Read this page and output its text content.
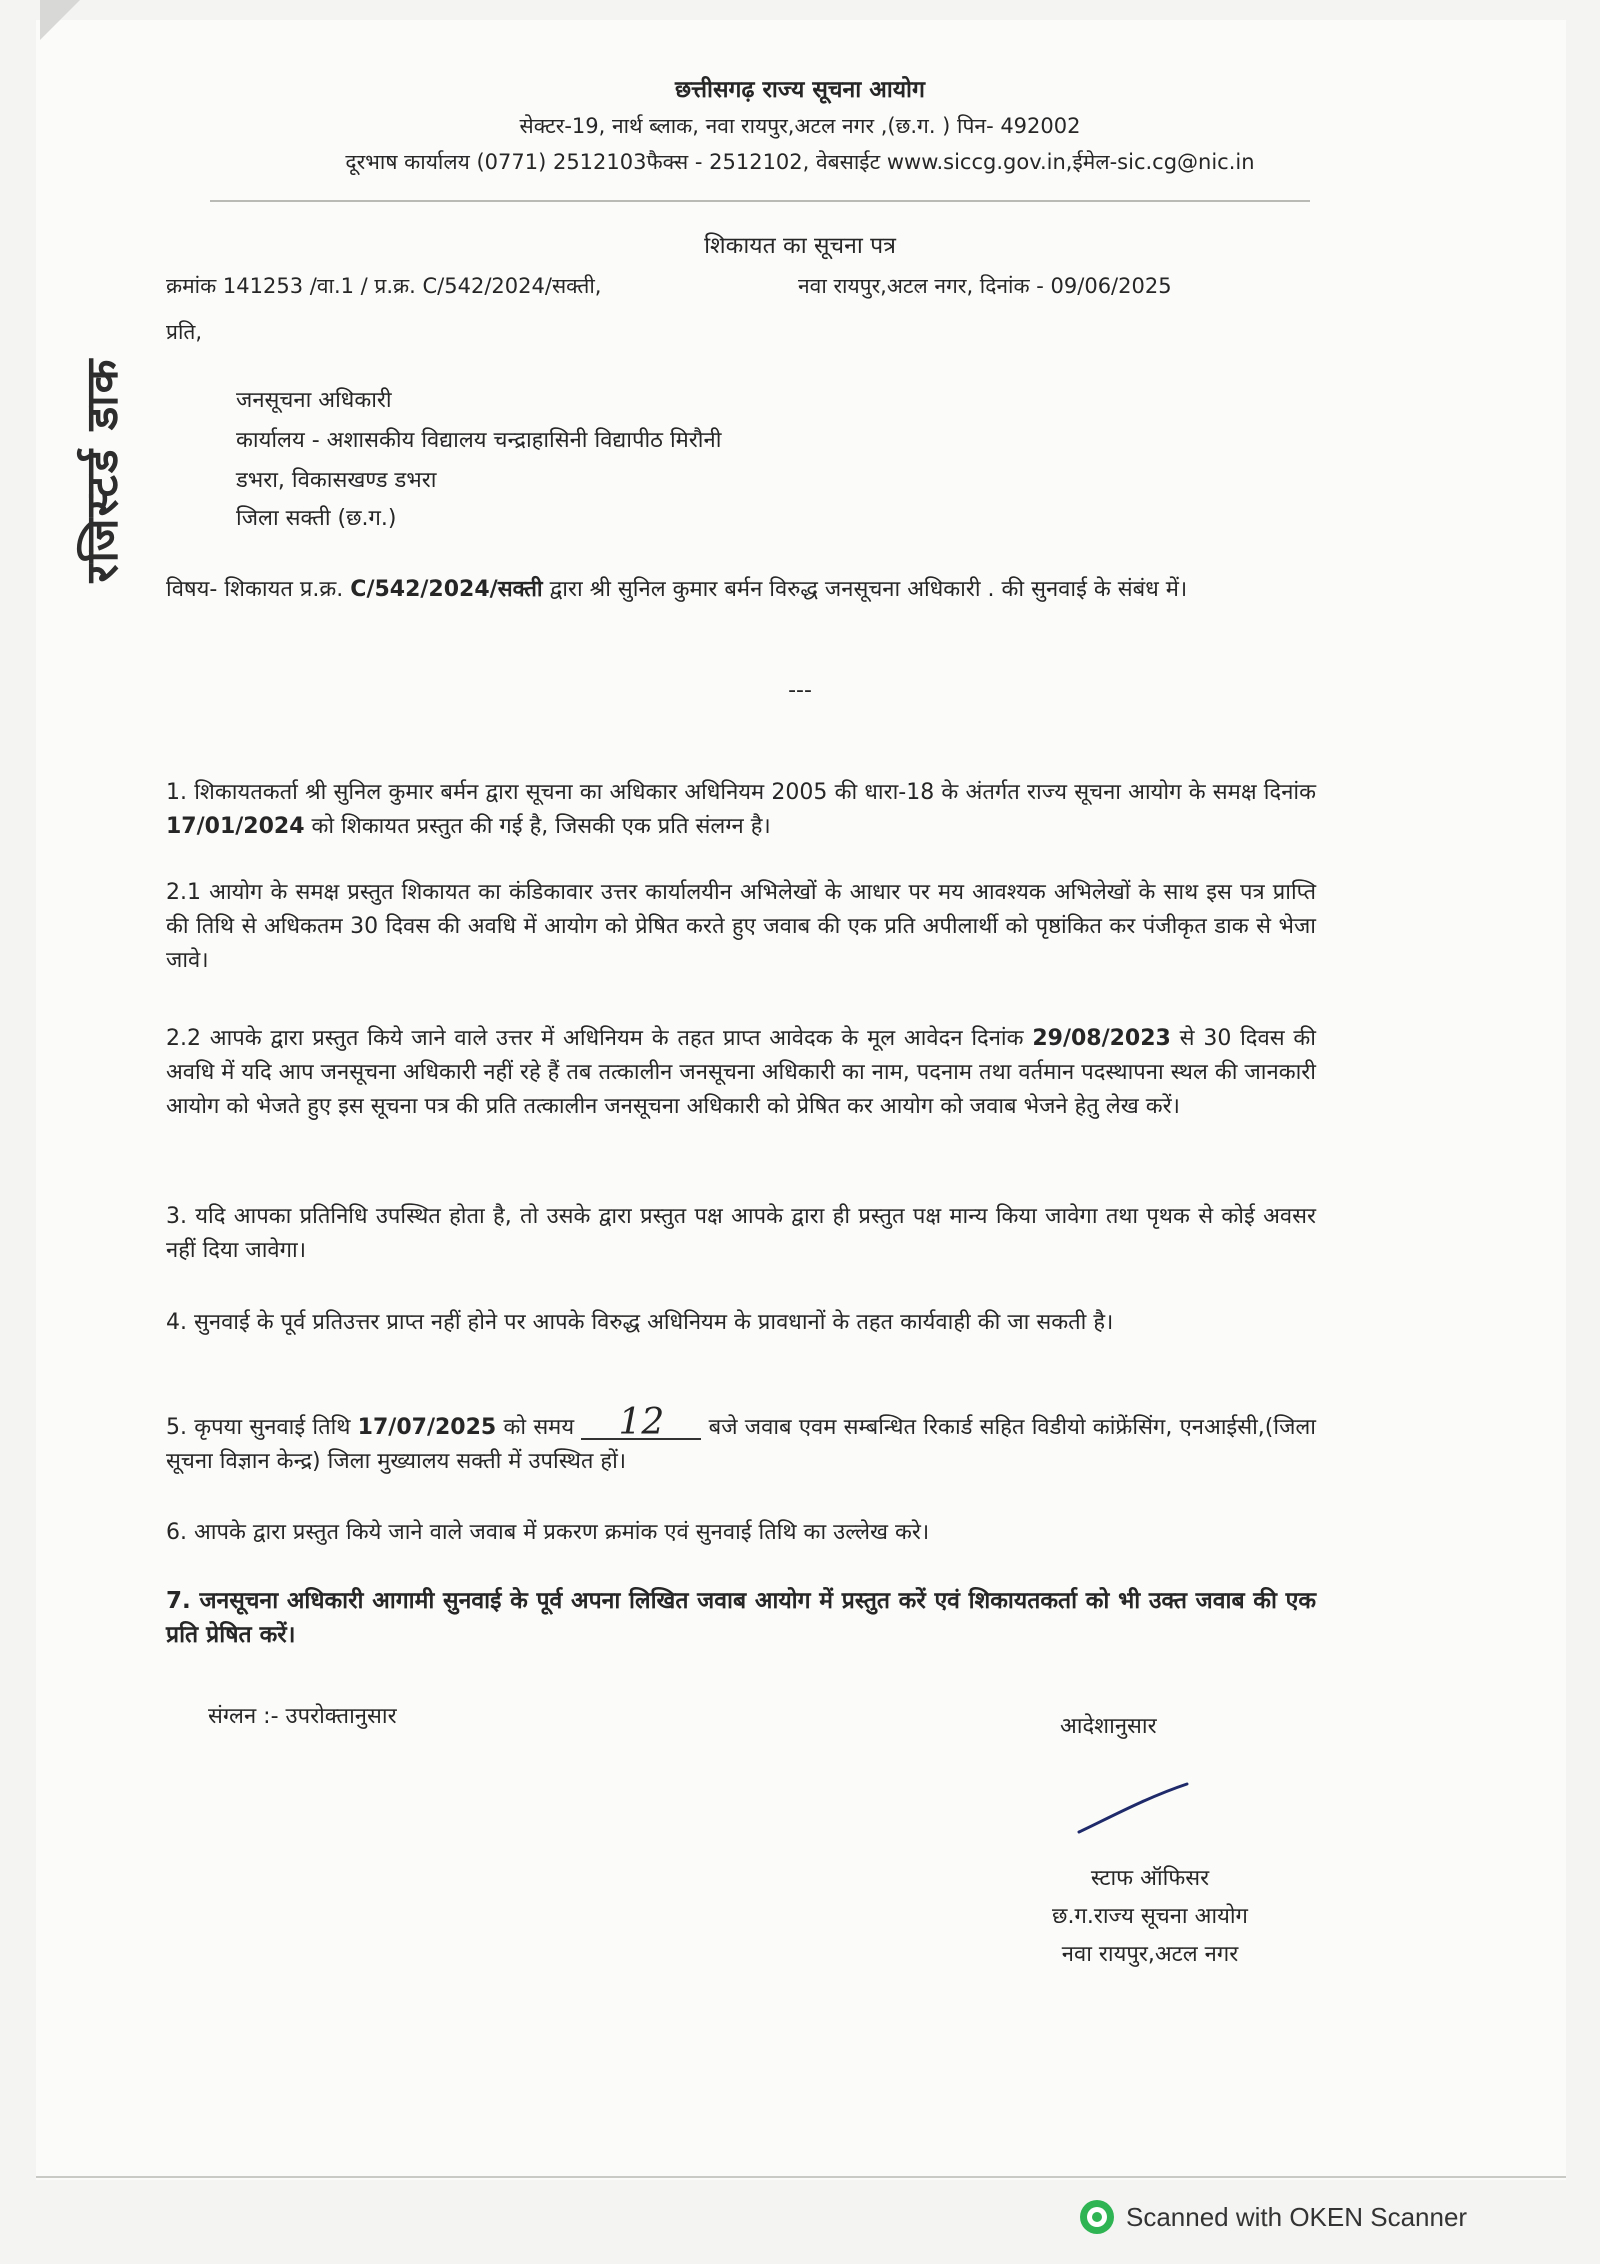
छत्तीसगढ़ राज्य सूचना आयोग
सेक्टर-19, नार्थ ब्लाक, नवा रायपुर,अटल नगर ,(छ.ग. ) पिन- 492002
दूरभाष कार्यालय (0771) 2512103फैक्स - 2512102, वेबसाईट www.siccg.gov.in,ईमेल-sic.cg@nic.in
शिकायत का सूचना पत्र
क्रमांक 141253 /वा.1 / प्र.क्र. C/542/2024/सक्ती,	नवा रायपुर,अटल नगर, दिनांक - 09/06/2025
प्रति,
रजिस्टर्ड डाक	जनसूचना अधिकारी
कार्यालय - अशासकीय विद्यालय चन्द्राहासिनी विद्यापीठ मिरौनी
डभरा, विकासखण्ड डभरा
जिला सक्ती (छ.ग.)
विषय- शिकायत प्र.क्र. C/542/2024/सक्ती द्वारा श्री सुनिल कुमार बर्मन विरुद्ध जनसूचना अधिकारी . की सुनवाई के संबंध में।
---
1. शिकायतकर्ता श्री सुनिल कुमार बर्मन द्वारा सूचना का अधिकार अधिनियम 2005 की धारा-18 के अंतर्गत राज्य सूचना आयोग के समक्ष दिनांक 17/01/2024 को शिकायत प्रस्तुत की गई है, जिसकी एक प्रति संलग्न है।
2.1 आयोग के समक्ष प्रस्तुत शिकायत का कंडिकावार उत्तर कार्यालयीन अभिलेखों के आधार पर मय आवश्यक अभिलेखों के साथ इस पत्र प्राप्ति की तिथि से अधिकतम 30 दिवस की अवधि में आयोग को प्रेषित करते हुए जवाब की एक प्रति अपीलार्थी को पृष्ठांकित कर पंजीकृत डाक से भेजा जावे।
2.2 आपके द्वारा प्रस्तुत किये जाने वाले उत्तर में अधिनियम के तहत प्राप्त आवेदक के मूल आवेदन दिनांक 29/08/2023 से 30 दिवस की अवधि में यदि आप जनसूचना अधिकारी नहीं रहे हैं तब तत्कालीन जनसूचना अधिकारी का नाम, पदनाम तथा वर्तमान पदस्थापना स्थल की जानकारी आयोग को भेजते हुए इस सूचना पत्र की प्रति तत्कालीन जनसूचना अधिकारी को प्रेषित कर आयोग को जवाब भेजने हेतु लेख करें।
3. यदि आपका प्रतिनिधि उपस्थित होता है, तो उसके द्वारा प्रस्तुत पक्ष आपके द्वारा ही प्रस्तुत पक्ष मान्य किया जावेगा तथा पृथक से कोई अवसर नहीं दिया जावेगा।
4. सुनवाई के पूर्व प्रतिउत्तर प्राप्त नहीं होने पर आपके विरुद्ध अधिनियम के प्रावधानों के तहत कार्यवाही की जा सकती है।
5. कृपया सुनवाई तिथि 17/07/2025 को समय 12 बजे जवाब एवम सम्बन्धित रिकार्ड सहित विडीयो कांफ्रेंसिंग, एनआईसी,(जिला सूचना विज्ञान केन्द्र) जिला मुख्यालय सक्ती में उपस्थित हों।
6. आपके द्वारा प्रस्तुत किये जाने वाले जवाब में प्रकरण क्रमांक एवं सुनवाई तिथि का उल्लेख करे।
7. जनसूचना अधिकारी आगामी सुनवाई के पूर्व अपना लिखित जवाब आयोग में प्रस्तुत करें एवं शिकायतकर्ता को भी उक्त जवाब की एक प्रति प्रेषित करें।
संग्लन :- उपरोक्तानुसार	आदेशानुसार
स्टाफ ऑफिसर
छ.ग.राज्य सूचना आयोग
नवा रायपुर,अटल नगर
Scanned with OKEN Scanner
